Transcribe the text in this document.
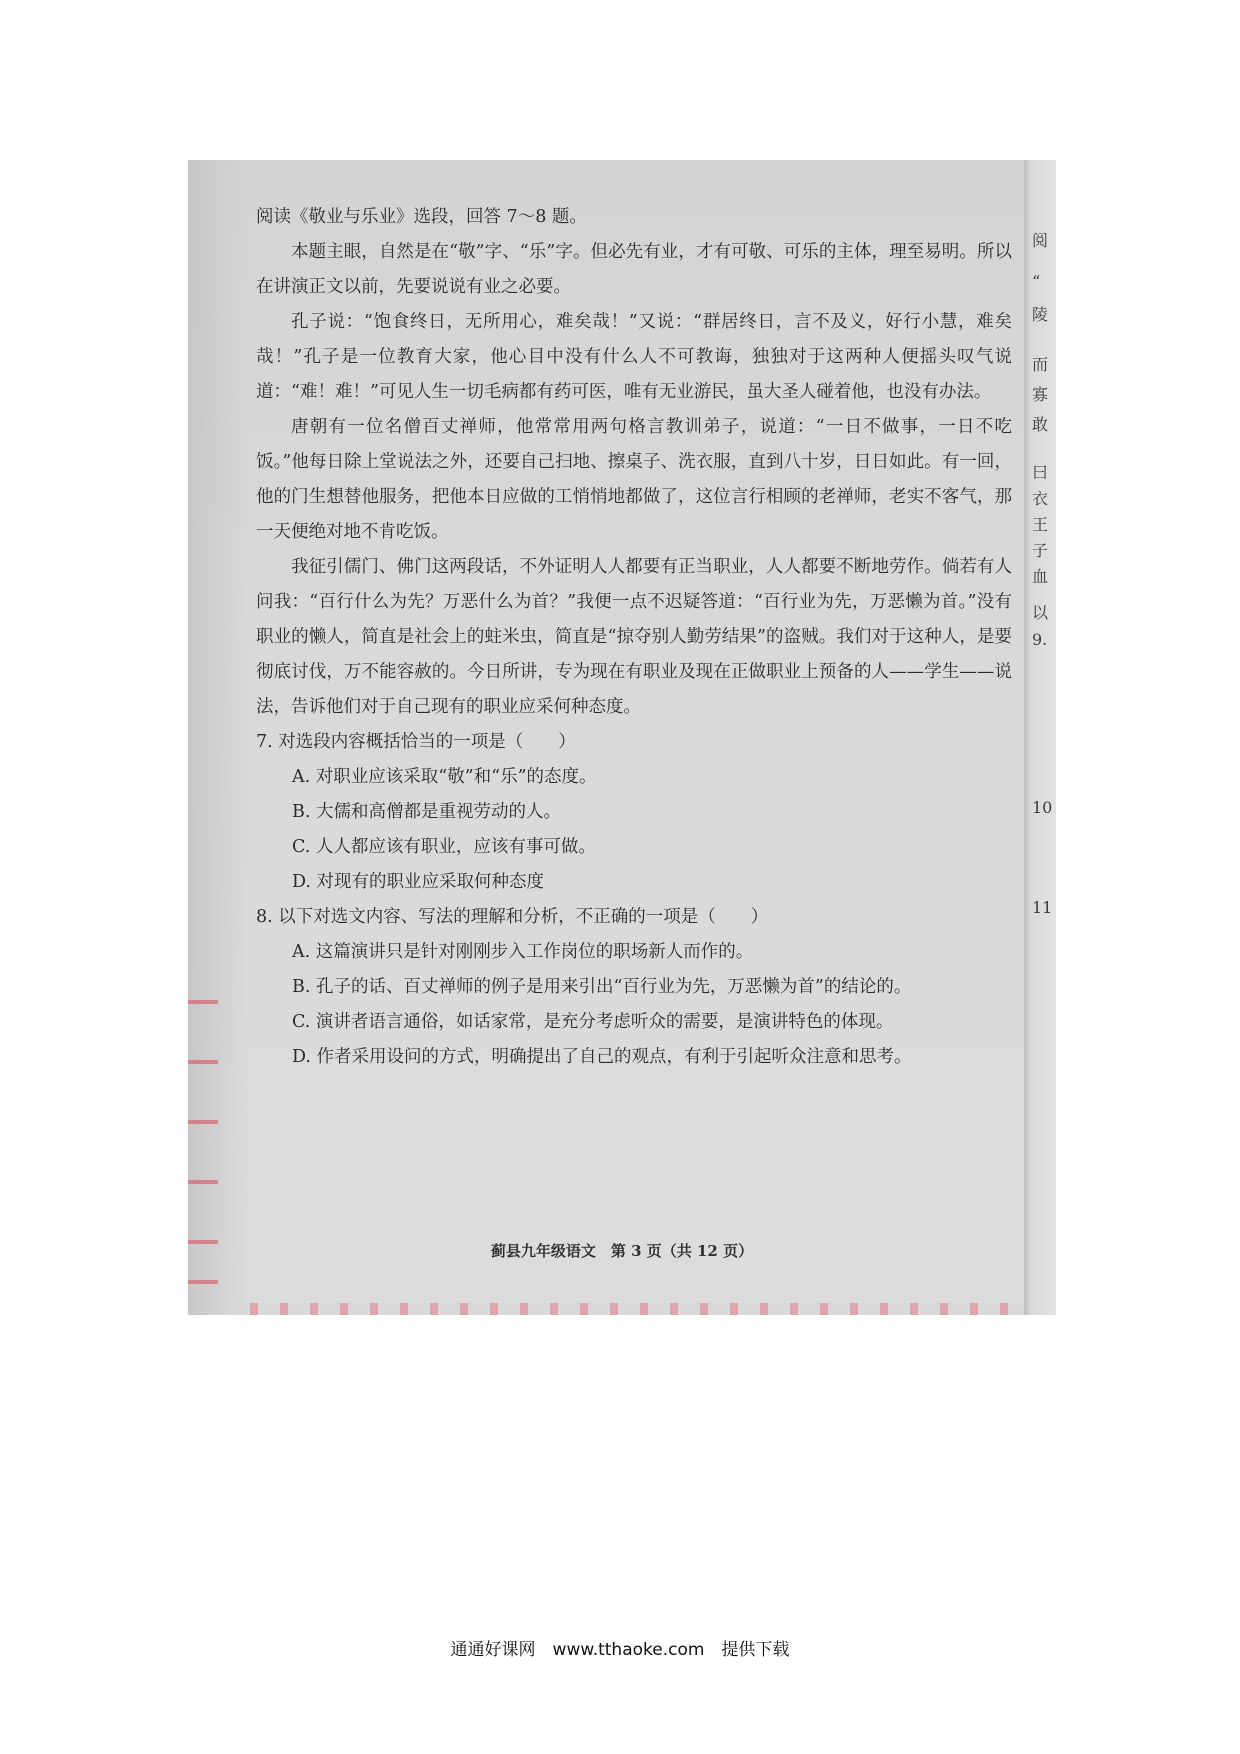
阅
“
陵
而
寡
敢
曰
衣
王
子
血
以
9.
10
11

阅读《敬业与乐业》选段，回答 7～8 题。

本题主眼，自然是在“敬”字、“乐”字。但必先有业，才有可敬、可乐的主体，理至易明。所以在讲演正文以前，先要说说有业之必要。

孔子说：“饱食终日，无所用心，难矣哉！”又说：“群居终日，言不及义，好行小慧，难矣哉！”孔子是一位教育大家，他心目中没有什么人不可教诲，独独对于这两种人便摇头叹气说道：“难！难！”可见人生一切毛病都有药可医，唯有无业游民，虽大圣人碰着他，也没有办法。

唐朝有一位名僧百丈禅师，他常常用两句格言教训弟子，说道：“一日不做事，一日不吃饭。”他每日除上堂说法之外，还要自己扫地、擦桌子、洗衣服，直到八十岁，日日如此。有一回，他的门生想替他服务，把他本日应做的工悄悄地都做了，这位言行相顾的老禅师，老实不客气，那一天便绝对地不肯吃饭。

我征引儒门、佛门这两段话，不外证明人人都要有正当职业，人人都要不断地劳作。倘若有人问我：“百行什么为先？万恶什么为首？”我便一点不迟疑答道：“百行业为先，万恶懒为首。”没有职业的懒人，简直是社会上的蛀米虫，简直是“掠夺别人勤劳结果”的盗贼。我们对于这种人，是要彻底讨伐，万不能容赦的。今日所讲，专为现在有职业及现在正做职业上预备的人——学生——说法，告诉他们对于自己现有的职业应采何种态度。

7. 对选段内容概括恰当的一项是（　　）

A. 对职业应该采取“敬”和“乐”的态度。

B. 大儒和高僧都是重视劳动的人。

C. 人人都应该有职业，应该有事可做。

D. 对现有的职业应采取何种态度

8. 以下对选文内容、写法的理解和分析，不正确的一项是（　　）

A. 这篇演讲只是针对刚刚步入工作岗位的职场新人而作的。

B. 孔子的话、百丈禅师的例子是用来引出“百行业为先，万恶懒为首”的结论的。

C. 演讲者语言通俗，如话家常，是充分考虑听众的需要，是演讲特色的体现。

D. 作者采用设问的方式，明确提出了自己的观点，有利于引起听众注意和思考。

蓟县九年级语文　第 3 页（共 12 页）
通通好课网　www.tthaoke.com　提供下载
